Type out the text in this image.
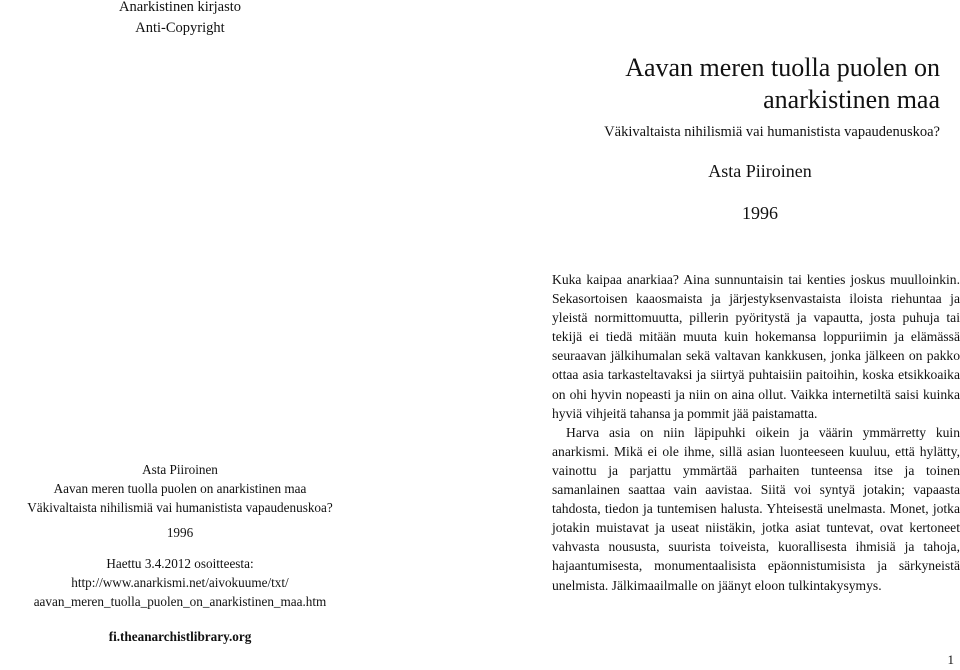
Anarkistinen kirjasto
Anti-Copyright
Asta Piiroinen
Aavan meren tuolla puolen on anarkistinen maa
Väkivaltaista nihilismiä vai humanistista vapaudenuskoa?
1996
Haettu 3.4.2012 osoitteesta:
http://www.anarkismi.net/aivokuume/txt/
aavan_meren_tuolla_puolen_on_anarkistinen_maa.htm
fi.theanarchistlibrary.org
Aavan meren tuolla puolen on
anarkistinen maa
Väkivaltaista nihilismiä vai humanistista vapaudenuskoa?
Asta Piiroinen
1996

Kuka kaipaa anarkiaa? Aina sunnuntaisin tai kenties joskus muulloinkin. Sekasortoisen kaaosmaista ja järjestyksenvastaista iloista riehuntaa ja yleistä normittomuutta, pillerin pyöritystä ja vapautta, josta puhuja tai tekijä ei tiedä mitään muuta kuin hokemansa loppuriimin ja elämässä seuraavan jälkihumalan sekä valtavan kankkusen, jonka jälkeen on pakko ottaa asia tarkasteltavaksi ja siirtyä puhtaisiin paitoihin, koska etsikkoaika on ohi hyvin nopeasti ja niin on aina ollut. Vaikka internetiltä saisi kuinka hyviä vihjeitä tahansa ja pommit jää paistamatta.

Harva asia on niin läpipuhki oikein ja väärin ymmärretty kuin anarkismi. Mikä ei ole ihme, sillä asian luonteeseen kuuluu, että hylätty, vainottu ja parjattu ymmärtää parhaiten tunteensa itse ja toinen samanlainen saattaa vain aavistaa. Siitä voi syntyä jotakin; vapaasta tahdosta, tiedon ja tuntemisen halusta. Yhteisestä unelmasta. Monet, jotka jotakin muistavat ja useat niistäkin, jotka asiat tuntevat, ovat kertoneet vahvasta noususta, suurista toiveista, kuorallisesta ihmisiä ja tahoja, hajaantumisesta, monumentaalisista epäonnistumisista ja särkyneistä unelmista. Jälkimaailmalle on jäänyt eloon tulkintakysymys.

1
